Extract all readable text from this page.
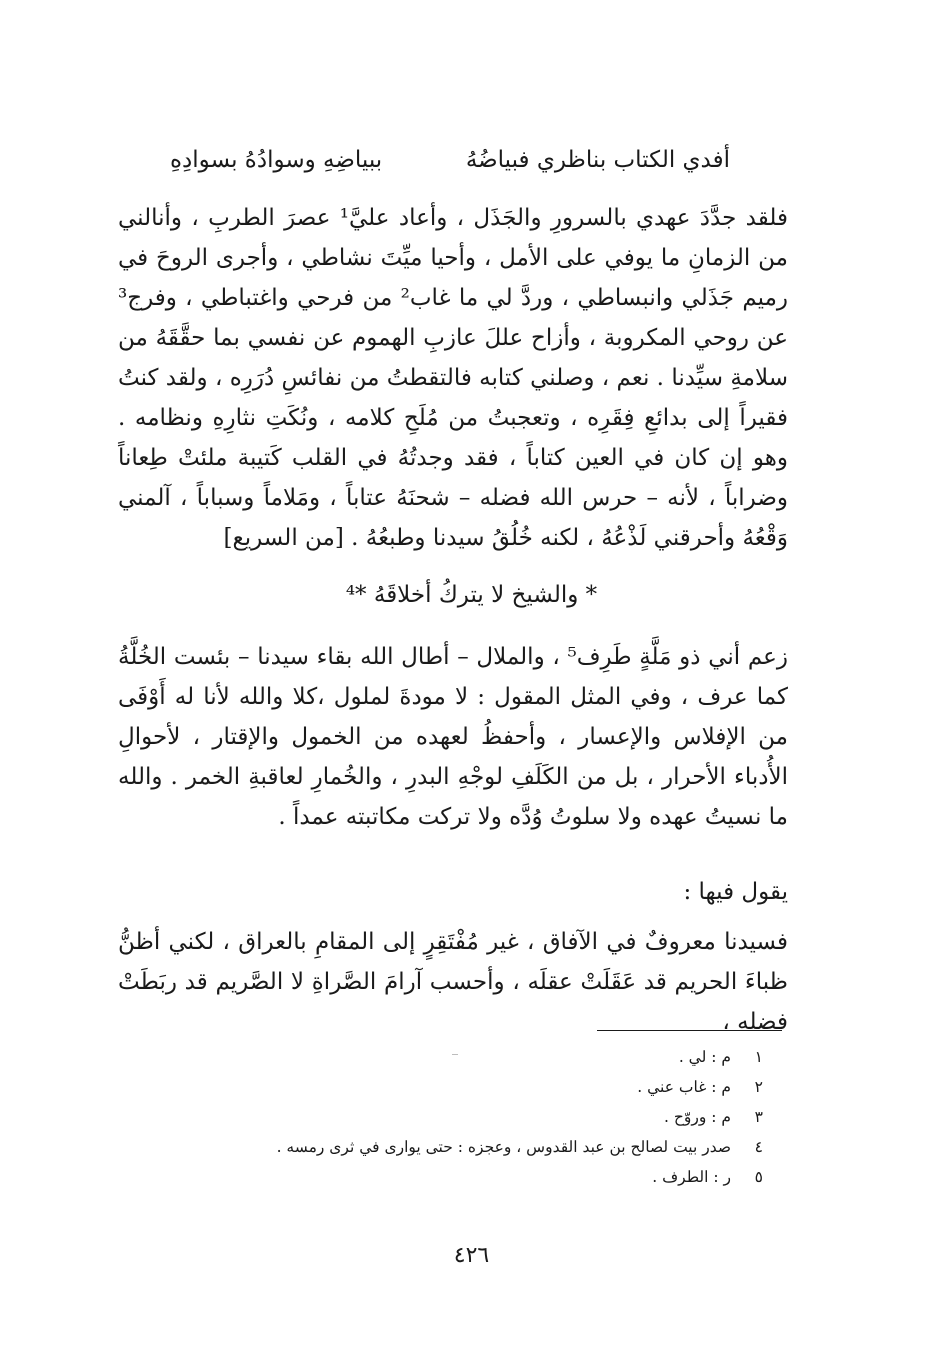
أفدي الكتاب بناظري فبياضُهُ
ببياضِهِ وسوادُهُ بسوادِهِ

فلقد جدَّدَ عهدي بالسرورِ والجَذَل ، وأعاد عليَّ¹ عصرَ الطربِ ، وأنالني من الزمانِ ما يوفي على الأمل ، وأحيا ميِّتَ نشاطي ، وأجرى الروحَ في رميم جَذَلي وانبساطي ، وردَّ لي ما غاب² من فرحي واغتباطي ، وفرج³ عن روحي المكروبة ، وأزاح عللَ عازبِ الهموم عن نفسي بما حقَّقَهُ من سلامةِ سيِّدنا . نعم ، وصلني كتابه فالتقطتُ من نفائسِ دُرَرِه ، ولقد كنتُ فقيراً إلى بدائعِ فِقَرِه ، وتعجبتُ من مُلَحِ كلامه ، ونُكَتِ نثارِهِ ونظامه . وهو إن كان في العين كتاباً ، فقد وجدتُهُ في القلب كَتيبة ملئتْ طِعاناً وضراباً ، لأنه – حرس الله فضله – شحنَهُ عتاباً ، ومَلاماً وسباباً ، آلمني وَقْعُهُ وأحرقني لَذْعُهُ ، لكنه خُلُقُ سيدنا وطبعُهُ . [من السريع]

* والشيخ لا يتركُ أخلاقَهُ *⁴

زعم أني ذو مَلَّةٍ طَرِف⁵ ، والملال – أطال الله بقاء سيدنا – بئست الخُلَّةُ كما عرف ، وفي المثل المقول : لا مودةَ لملول ،كلا والله لأنا له أَوْفَى من الإفلاس والإعسار ، وأحفظُ لعهده من الخمول والإقتار ، لأحوالِ الأُدباء الأحرار ، بل من الكَلَفِ لوجْهِ البدرِ ، والخُمارِ لعاقبةِ الخمر . والله ما نسيتُ عهده ولا سلوتُ وُدَّه ولا تركت مكاتبته عمداً .

يقول فيها :

فسيدنا معروفٌ في الآفاق ، غير مُفْتَقِرٍ إلى المقامِ بالعراق ، لكني أظنُّ ظباءَ الحريم قد عَقَلَتْ عقلَه ، وأحسب آرامَ الصَّراةِ لا الصَّريم قد ربَطَتْ فضله ،

١
م : لي .
٢
م : غاب عني .
٣
م : وروّح .
٤
صدر بيت لصالح بن عبد القدوس ، وعجزه : حتى يوارى في ثرى رمسه .
٥
ر : الطرف .
٤٢٦
